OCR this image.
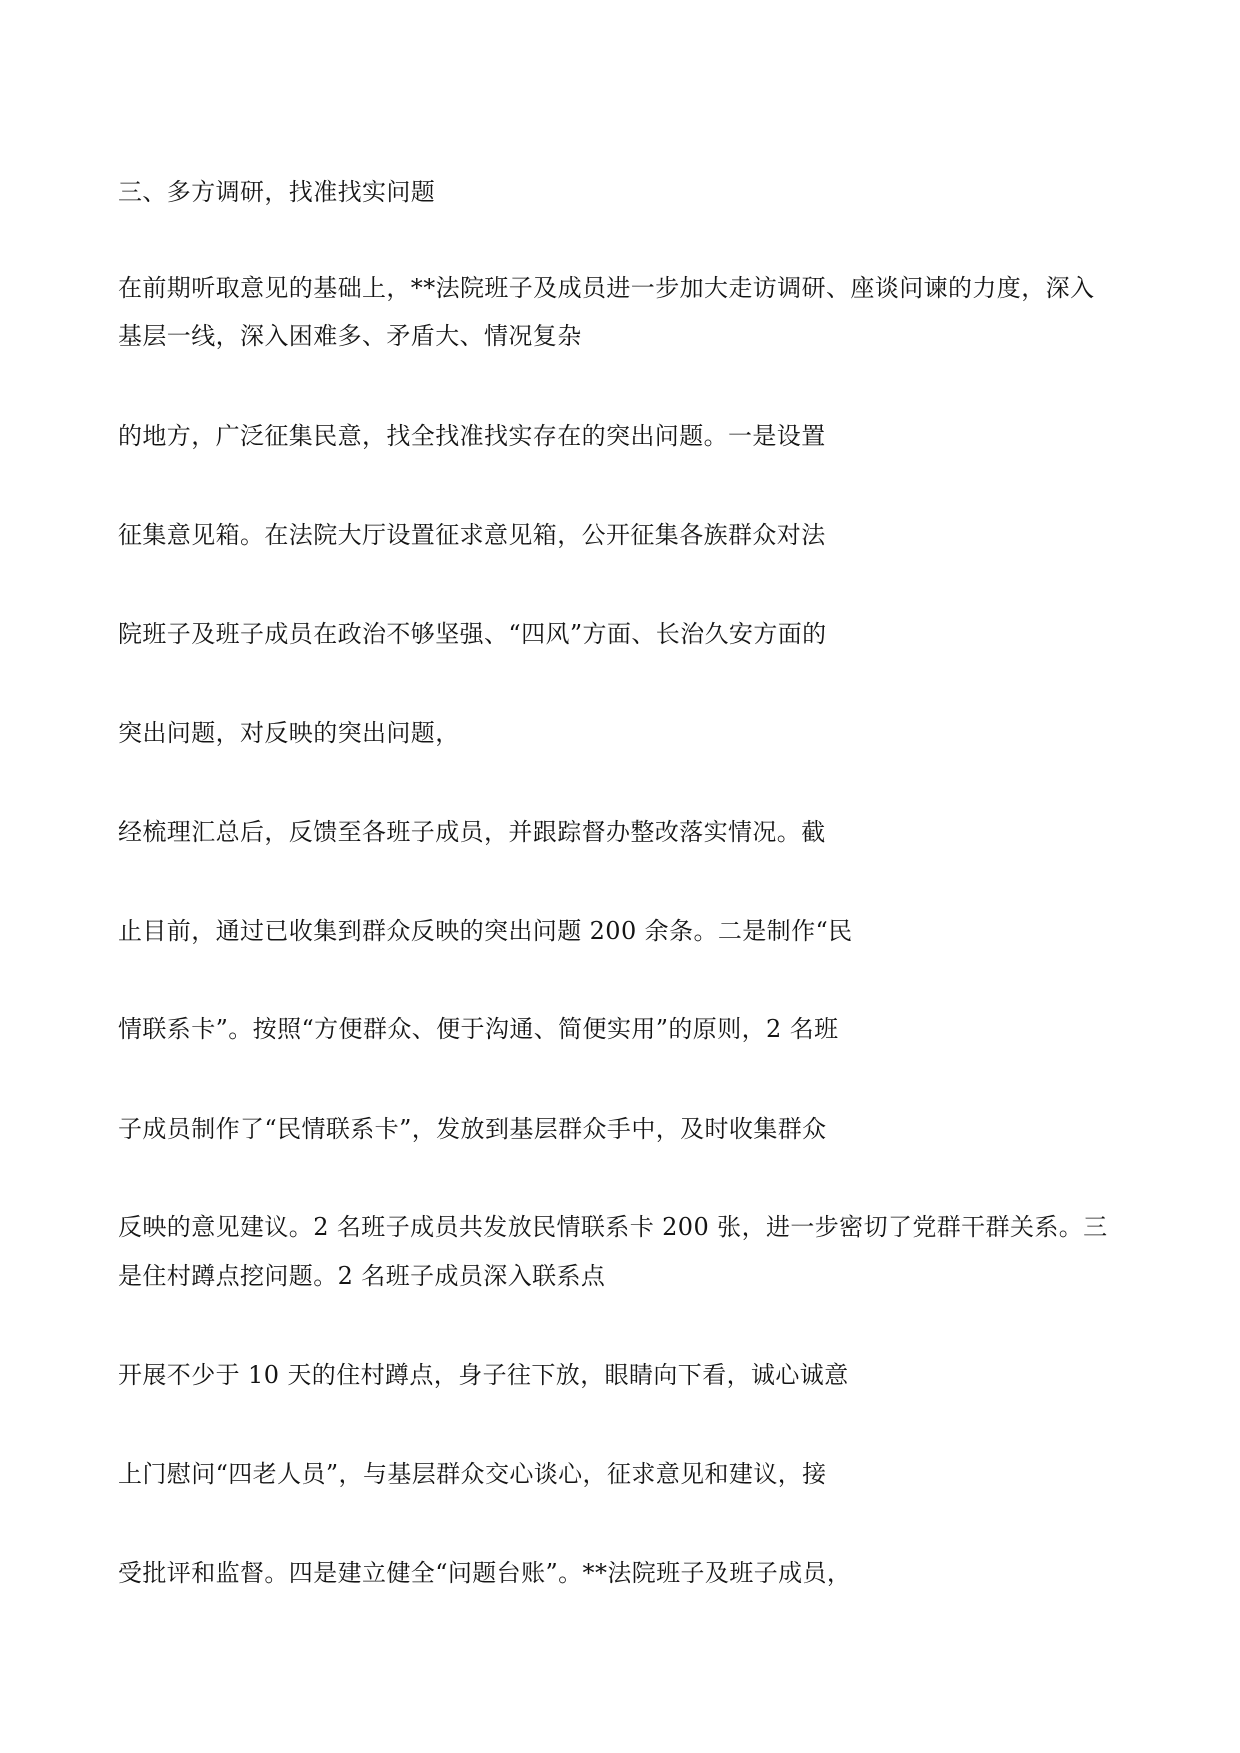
三、多方调研，找准找实问题

在前期听取意见的基础上，**法院班子及成员进一步加大走访调研、座谈问谏的力度，深入

基层一线，深入困难多、矛盾大、情况复杂

的地方，广泛征集民意，找全找准找实存在的突出问题。一是设置

征集意见箱。在法院大厅设置征求意见箱，公开征集各族群众对法

院班子及班子成员在政治不够坚强、“四风”方面、长治久安方面的

突出问题，对反映的突出问题，

经梳理汇总后，反馈至各班子成员，并跟踪督办整改落实情况。截

止目前，通过已收集到群众反映的突出问题 200 余条。二是制作“民

情联系卡”。按照“方便群众、便于沟通、简便实用”的原则，2 名班

子成员制作了“民情联系卡”，发放到基层群众手中，及时收集群众

反映的意见建议。2 名班子成员共发放民情联系卡 200 张，进一步密切了党群干群关系。三

是住村蹲点挖问题。2 名班子成员深入联系点

开展不少于 10 天的住村蹲点，身子往下放，眼睛向下看，诚心诚意

上门慰问“四老人员”，与基层群众交心谈心，征求意见和建议，接

受批评和监督。四是建立健全“问题台账”。**法院班子及班子成员，
